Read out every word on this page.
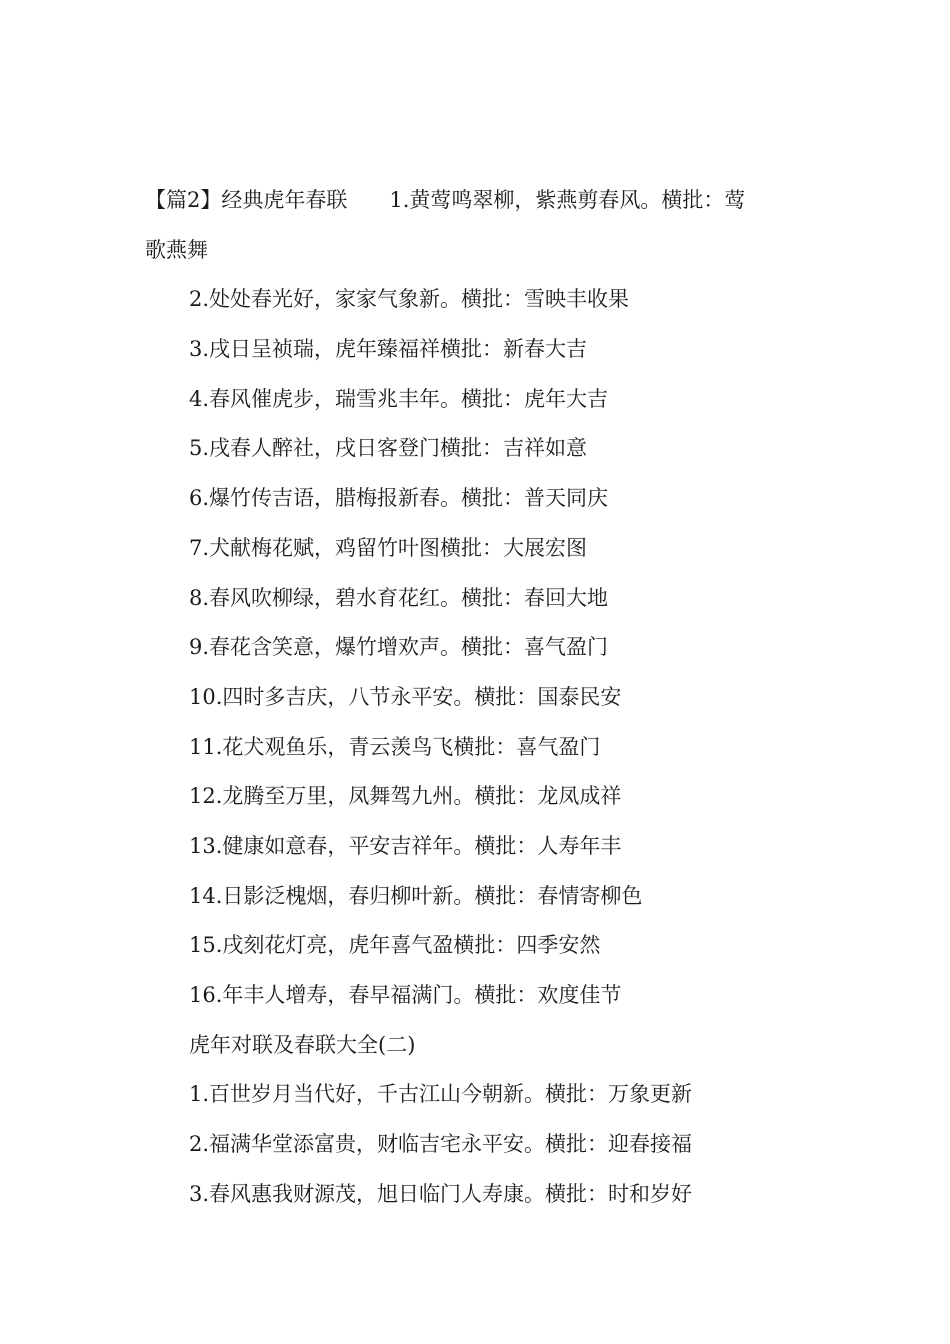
【篇2】经典虎年春联 1.黄莺鸣翠柳，紫燕剪春风。横批：莺
歌燕舞
2.处处春光好，家家气象新。横批：雪映丰收果
3.戌日呈祯瑞，虎年臻福祥横批：新春大吉
4.春风催虎步，瑞雪兆丰年。横批：虎年大吉
5.戌春人醉社，戌日客登门横批：吉祥如意
6.爆竹传吉语，腊梅报新春。横批：普天同庆
7.犬献梅花赋，鸡留竹叶图横批：大展宏图
8.春风吹柳绿，碧水育花红。横批：春回大地
9.春花含笑意，爆竹增欢声。横批：喜气盈门
10.四时多吉庆，八节永平安。横批：国泰民安
11.花犬观鱼乐，青云羡鸟飞横批：喜气盈门
12.龙腾至万里，凤舞驾九州。横批：龙凤成祥
13.健康如意春，平安吉祥年。横批：人寿年丰
14.日影泛槐烟，春归柳叶新。横批：春情寄柳色
15.戌刻花灯亮，虎年喜气盈横批：四季安然
16.年丰人增寿，春早福满门。横批：欢度佳节
虎年对联及春联大全(二)
1.百世岁月当代好，千古江山今朝新。横批：万象更新
2.福满华堂添富贵，财临吉宅永平安。横批：迎春接福
3.春风惠我财源茂，旭日临门人寿康。横批：时和岁好
